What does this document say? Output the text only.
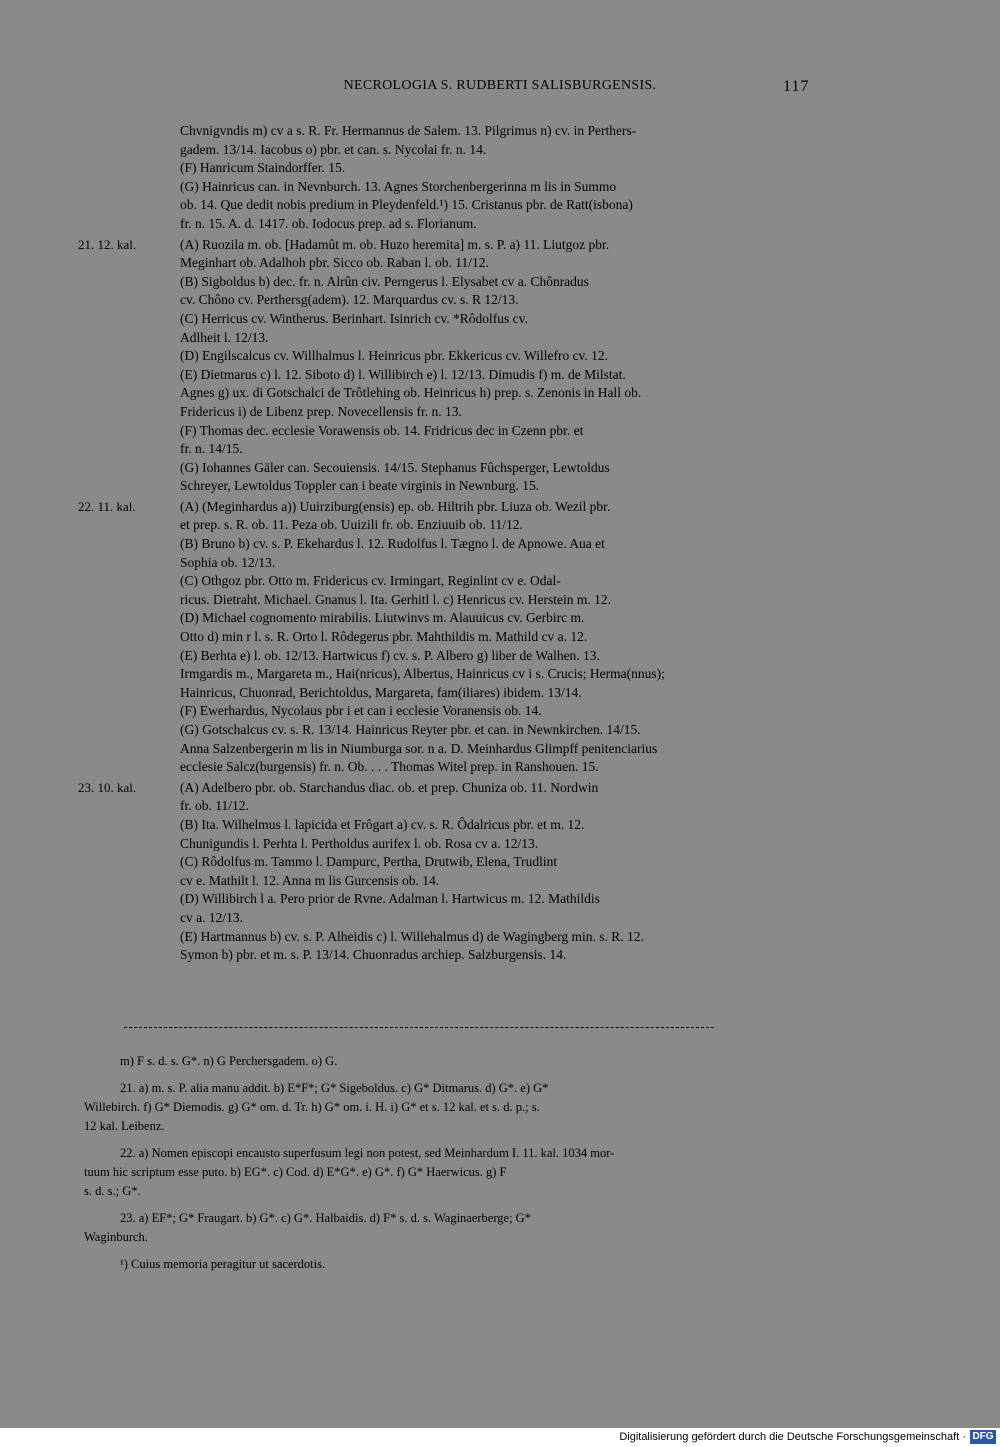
NECROLOGIA S. RUDBERTI SALISBURGENSIS.	117
Chvnigvndis m) cv a s. R. Fr. Hermannus de Salem. 13. Pilgrimus n) cv. in Perthers-
gadem. 13/14. Iacobus o) pbr. et can. s. Nycolai fr. n. 14.
(F) Hanricum Staindorffer. 15.
(G) Hainricus can. in Nevnburch. 13. Agnes Storchenbergerinna m lis in Summo
ob. 14. Que dedit nobis predium in Pleydenfeld.¹) 15. Cristanus pbr. de Ratt(isbona)
fr. n. 15. A. d. 1417. ob. Iodocus prep. ad s. Florianum.
21. 12. kal.	(A) Ruozila m. ob. [Hadamût m. ob. Huzo heremita] m. s. P. a) 11. Liutgoz pbr.
Meginhart ob. Adalhoh pbr. Sicco ob. Raban l. ob. 11/12.
(B) Sigboldus b) dec. fr. n. Alrûn civ. Perngerus l. Elysabet cv a. Chônradus
cv. Chôno cv. Perthersg(adem). 12. Marquardus cv. s. R 12/13.
(C) Herricus cv. Wintherus. Berinhart. Isinrich cv. *Rôdolfus cv.
Adlheit l. 12/13.
(D) Engilscalcus cv. Willhalmus l. Heinricus pbr. Ekkericus cv. Willefro cv. 12.
(E) Dietmarus c) l. 12. Siboto d) l. Willibirch e) l. 12/13. Dimudis f) m. de Milstat.
Agnes g) ux. di Gotschalci de Trôtlehing ob. Heinricus h) prep. s. Zenonis in Hall ob.
Fridericus i) de Libenz prep. Novecellensis fr. n. 13.
(F) Thomas dec. ecclesie Vorawensis ob. 14. Fridricus dec in Czenn pbr. et
fr. n. 14/15.
(G) Iohannes Gäler can. Secouiensis. 14/15. Stephanus Fûchsperger, Lewtoldus
Schreyer, Lewtoldus Toppler can i beate virginis in Newnburg. 15.
22. 11. kal.	(A) (Meginhardus a)) Uuirziburg(ensis) ep. ob. Hiltrih pbr. Liuza ob. Wezil pbr.
et prep. s. R. ob. 11. Peza ob. Uuizili fr. ob. Enziuuib ob. 11/12.
(B) Bruno b) cv. s. P. Ekehardus l. 12. Rudolfus l. Tægno l. de Apnowe. Aua et
Sophia ob. 12/13.
(C) Othgoz pbr. Otto m. Fridericus cv. Irmingart, Reginlint cv e. Odal-
ricus. Dietraht. Michael. Gnanus l. Ita. Gerhitl l. c) Henricus cv. Herstein m. 12.
(D) Michael cognomento mirabilis. Liutwinvs m. Alauuicus cv. Gerbirc m.
Otto d) min r l. s. R. Orto l. Rôdegerus pbr. Mahthildis m. Mathild cv a. 12.
(E) Berhta e) l. ob. 12/13. Hartwicus f) cv. s. P. Albero g) liber de Walhen. 13.
Irmgardis m., Margareta m., Hai(nricus), Albertus, Hainricus cv i s. Crucis; Herma(nnus);
Hainricus, Chuonrad, Berichtoldus, Margareta, fam(iliares) ibidem. 13/14.
(F) Ewerhardus, Nycolaus pbr i et can i ecclesie Voranensis ob. 14.
(G) Gotschalcus cv. s. R. 13/14. Hainricus Reyter pbr. et can. in Newnkirchen. 14/15.
Anna Salzenbergerin m lis in Niumburga sor. n a. D. Meinhardus Glimpff penitenciarius
ecclesie Salcz(burgensis) fr. n. Ob. . . . Thomas Witel prep. in Ranshouen. 15.
23. 10. kal.	(A) Adelbero pbr. ob. Starchandus diac. ob. et prep. Chuniza ob. 11. Nordwin
fr. ob. 11/12.
(B) Ita. Wilhelmus l. lapicida et Frôgart a) cv. s. R. Ôdalricus pbr. et m. 12.
Chunigundis l. Perhta l. Pertholdus aurifex l. ob. Rosa cv a. 12/13.
(C) Rôdolfus m. Tammo l. Dampurc, Pertha, Drutwib, Elena, Trudlint
cv e. Mathilt l. 12. Anna m lis Gurcensis ob. 14.
(D) Willibirch l a. Pero prior de Rvne. Adalman l. Hartwicus m. 12. Mathildis
cv a. 12/13.
(E) Hartmannus b) cv. s. P. Alheidis c) l. Willehalmus d) de Wagingberg min. s. R. 12.
Symon b) pbr. et m. s. P. 13/14. Chuonradus archiep. Salzburgensis. 14.
m) F s. d. s. G*. n) G Perchersgadem. o) G.
21. a) m. s. P. alia manu addit. b) E*F*; G* Sigeboldus. c) G* Ditmarus. d) G*. e) G*
Willebirch. f) G* Diemodis. g) G* om. d. Tr. h) G* om. i. H. i) G* et s. 12 kal. et s. d. p.; s.
12 kal. Leibenz.
22. a) Nomen episcopi encausto superfusum legi non potest, sed Meinhardum I. 11. kal. 1034 mor-
tuum hic scriptum esse puto. b) EG*. c) Cod. d) E*G*. e) G*. f) G* Haerwicus. g) F
s. d. s.; G*.
23. a) EF*; G* Fraugart. b) G*. c) G*. Halbaidis. d) F* s. d. s. Waginaerberge; G*
Waginburch.
¹) Cuius memoria peragitur ut sacerdotis.
Digitalisierung gefördert durch die Deutsche Forschungsgemeinschaft · DFG
